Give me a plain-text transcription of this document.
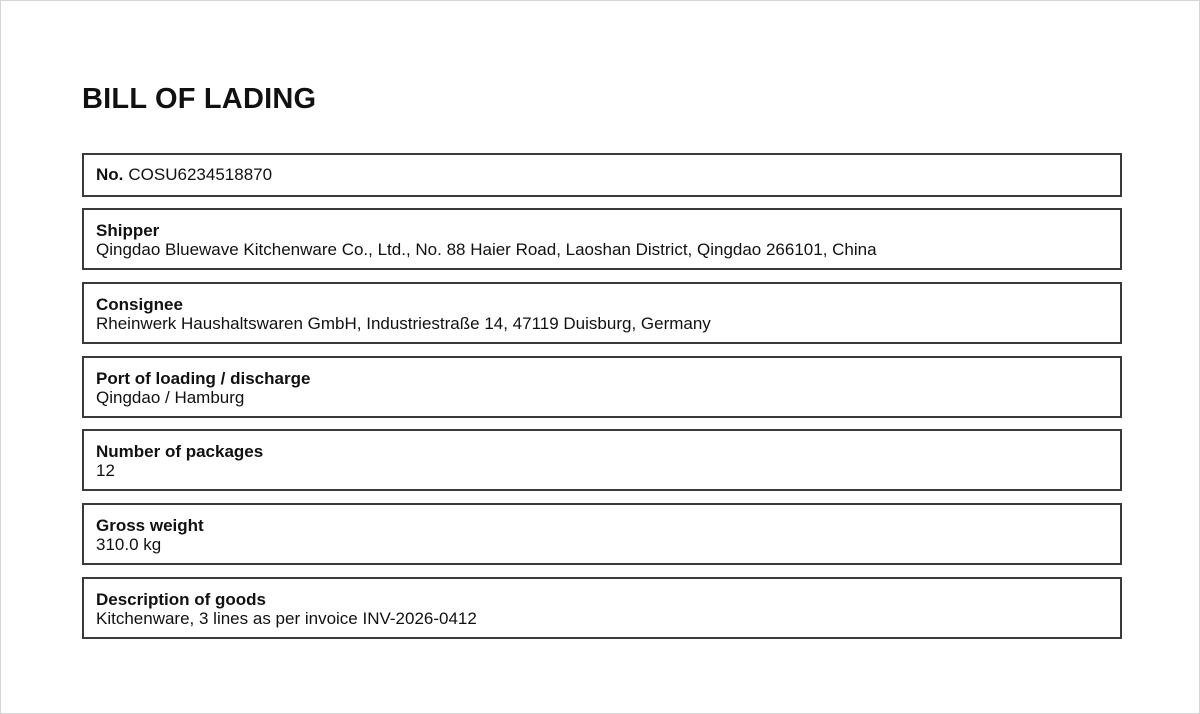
BILL OF LADING
No. COSU6234518870
Shipper
Qingdao Bluewave Kitchenware Co., Ltd., No. 88 Haier Road, Laoshan District, Qingdao 266101, China
Consignee
Rheinwerk Haushaltswaren GmbH, Industriestraße 14, 47119 Duisburg, Germany
Port of loading / discharge
Qingdao / Hamburg
Number of packages
12
Gross weight
310.0 kg
Description of goods
Kitchenware, 3 lines as per invoice INV-2026-0412
